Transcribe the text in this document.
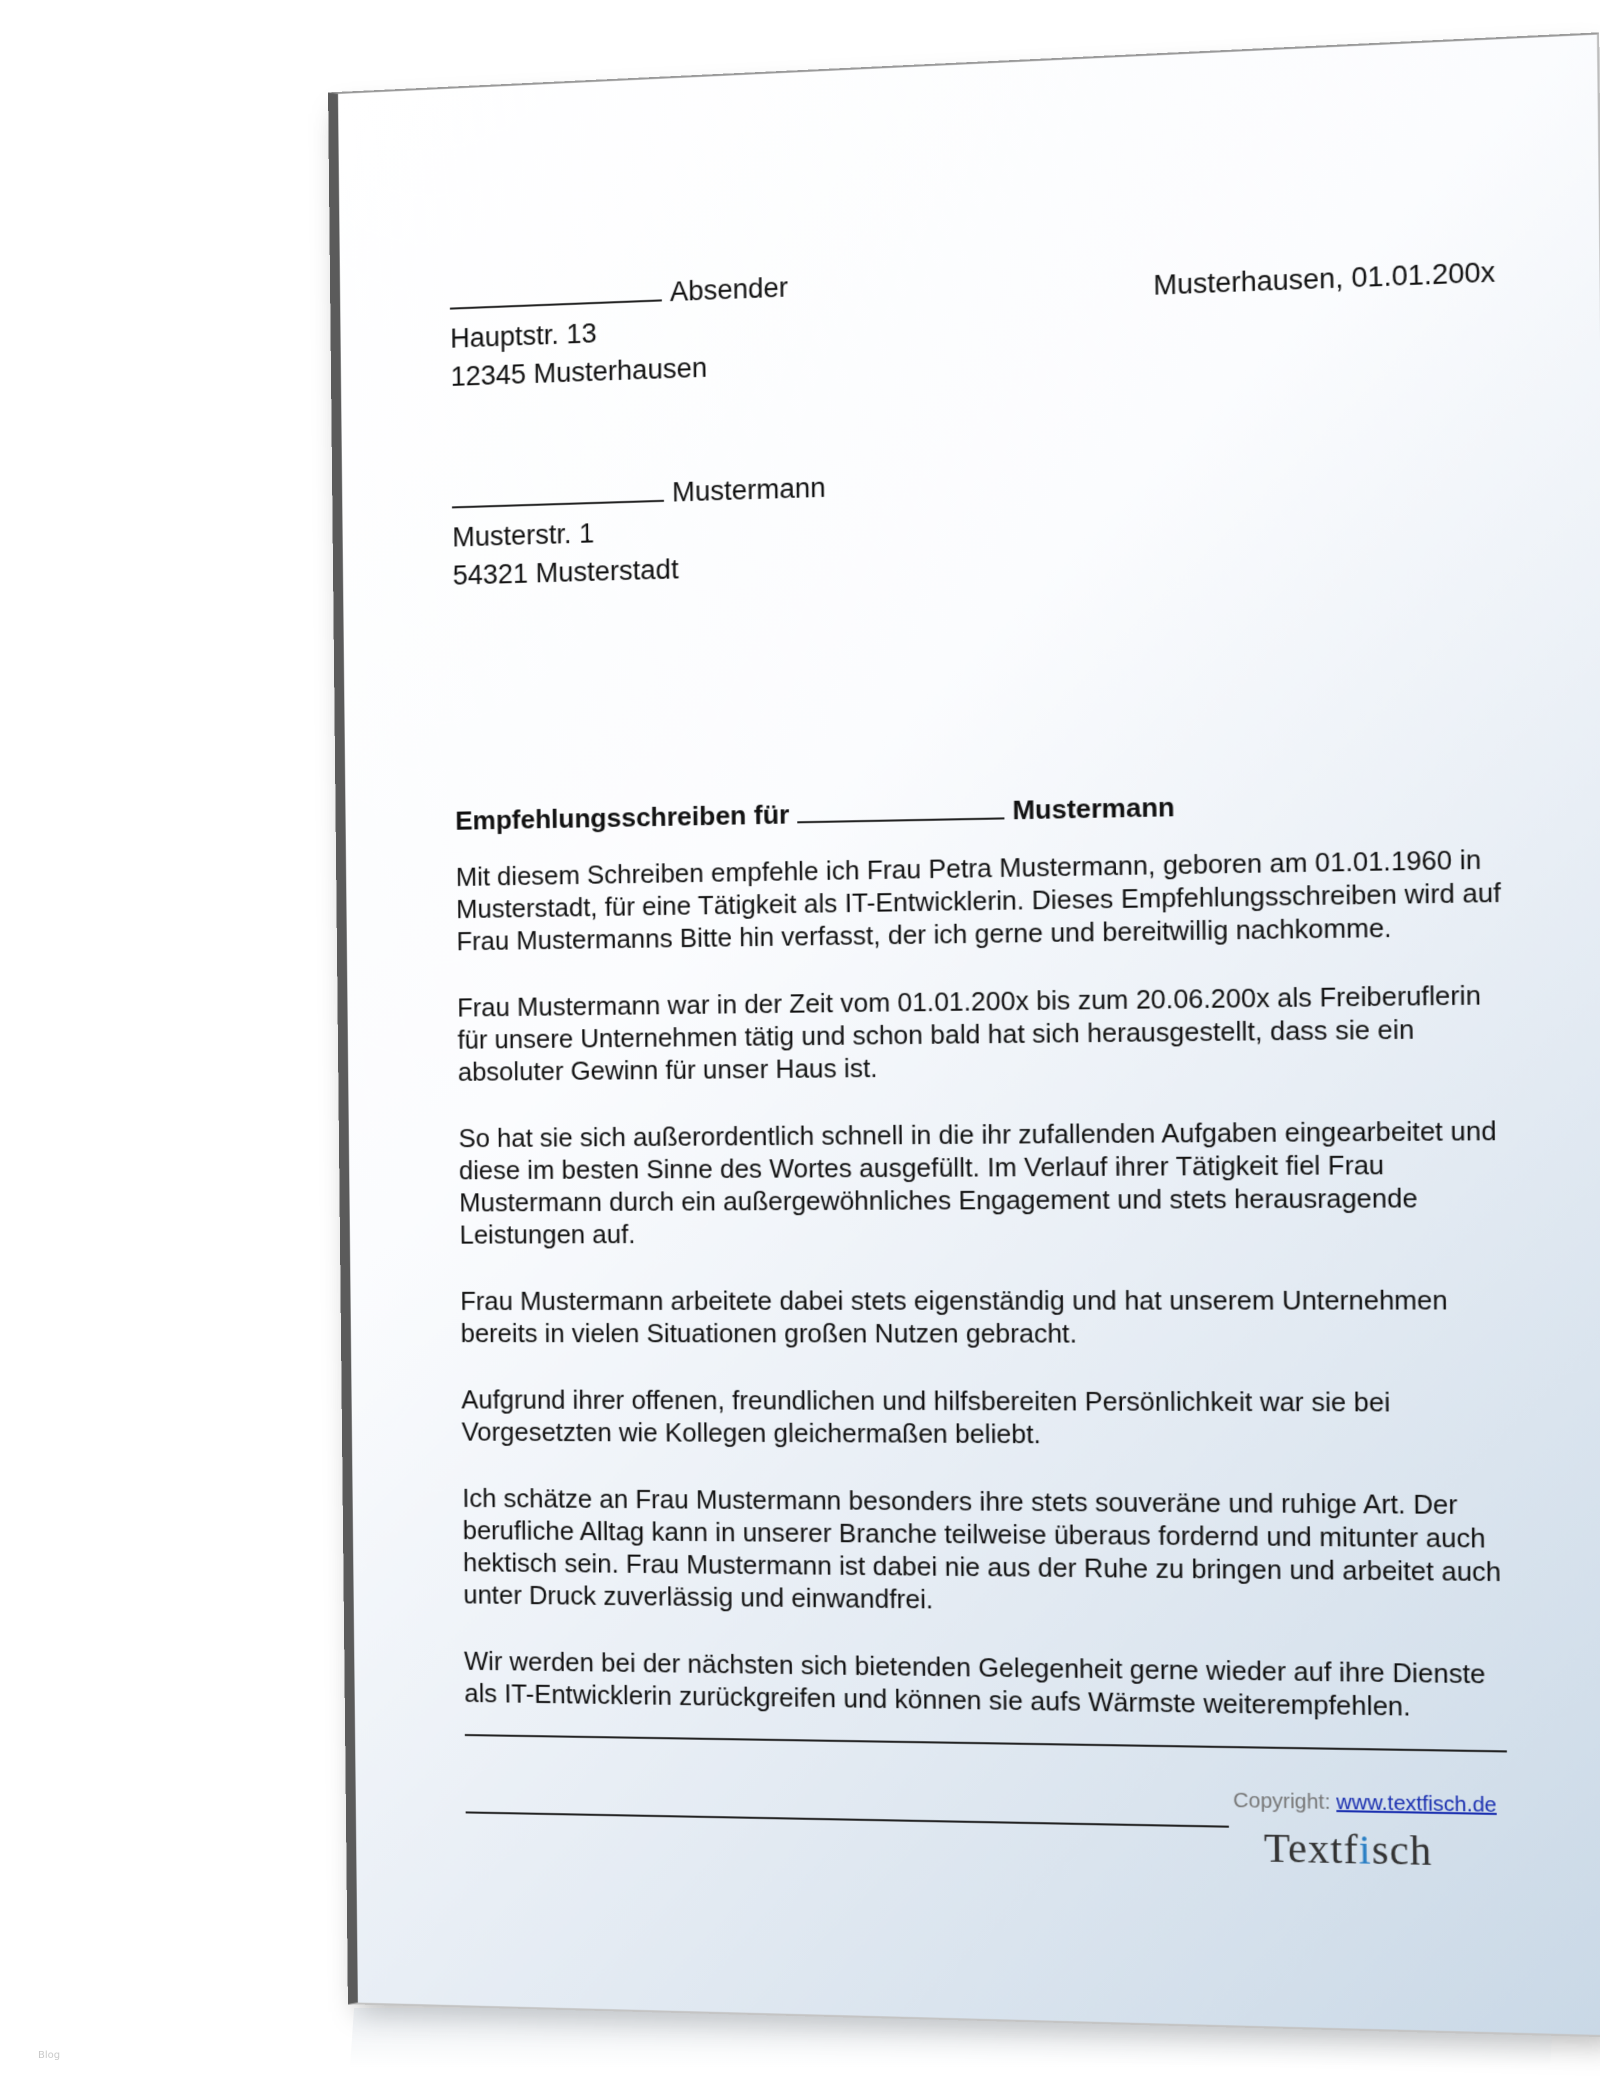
Absender
Hauptstr. 13
12345 Musterhausen
Musterhausen, 01.01.200x
Mustermann
Musterstr. 1
54321 Musterstadt
Empfehlungsschreiben für	Mustermann

Mit diesem Schreiben empfehle ich Frau Petra Mustermann, geboren am 01.01.1960 in Musterstadt, für eine Tätigkeit als IT-Entwicklerin. Dieses Empfehlungsschreiben wird auf Frau Mustermanns Bitte hin verfasst, der ich gerne und bereitwillig nachkomme.

Frau Mustermann war in der Zeit vom 01.01.200x bis zum 20.06.200x als Freiberuflerin für unsere Unternehmen tätig und schon bald hat sich herausgestellt, dass sie ein absoluter Gewinn für unser Haus ist.

So hat sie sich außerordentlich schnell in die ihr zufallenden Aufgaben eingearbeitet und diese im besten Sinne des Wortes ausgefüllt. Im Verlauf ihrer Tätigkeit fiel Frau Mustermann durch ein außergewöhnliches Engagement und stets herausragende Leistungen auf.

Frau Mustermann arbeitete dabei stets eigenständig und hat unserem Unternehmen bereits in vielen Situationen großen Nutzen gebracht.

Aufgrund ihrer offenen, freundlichen und hilfsbereiten Persönlichkeit war sie bei Vorgesetzten wie Kollegen gleichermaßen beliebt.

Ich schätze an Frau Mustermann besonders ihre stets souveräne und ruhige Art. Der berufliche Alltag kann in unserer Branche teilweise überaus fordernd und mitunter auch hektisch sein. Frau Mustermann ist dabei nie aus der Ruhe zu bringen und arbeitet auch unter Druck zuverlässig und einwandfrei.

Wir werden bei der nächsten sich bietenden Gelegenheit gerne wieder auf ihre Dienste als IT-Entwicklerin zurückgreifen und können sie aufs Wärmste weiterempfehlen.

Copyright: www.textfisch.de
Textfisch
Blog
